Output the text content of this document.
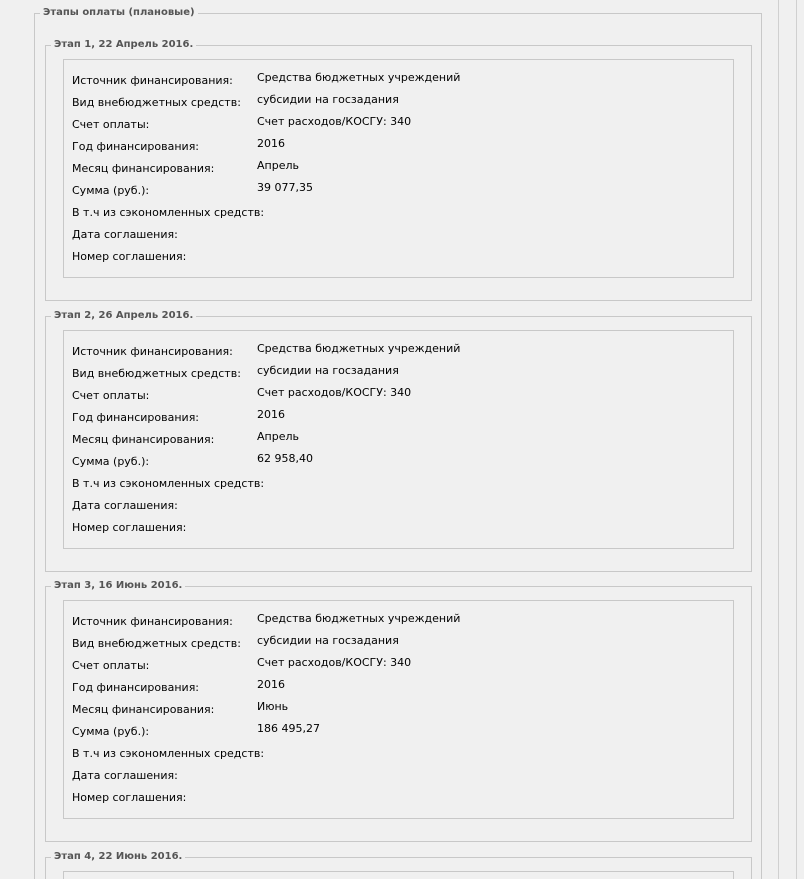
Этапы оплаты (плановые)
Этап 1, 22 Апрель 2016.
Источник финансирования: Средства бюджетных учреждений
Вид внебюджетных средств: субсидии на госзадания
Счет оплаты:	Счет расходов/КОСГУ: 340
Год финансирования:	2016
Месяц финансирования:	Апрель
Сумма (руб.):	39 077,35
В т.ч из сэкономленных средств:
Дата соглашения:
Номер соглашения:
Этап 2, 26 Апрель 2016.
Источник финансирования: Средства бюджетных учреждений
Вид внебюджетных средств: субсидии на госзадания
Счет оплаты:	Счет расходов/КОСГУ: 340
Год финансирования:	2016
Месяц финансирования:	Апрель
Сумма (руб.):	62 958,40
В т.ч из сэкономленных средств:
Дата соглашения:
Номер соглашения:
Этап 3, 16 Июнь 2016.
Источник финансирования: Средства бюджетных учреждений
Вид внебюджетных средств: субсидии на госзадания
Счет оплаты:	Счет расходов/КОСГУ: 340
Год финансирования:	2016
Месяц финансирования:	Июнь
Сумма (руб.):	186 495,27
В т.ч из сэкономленных средств:
Дата соглашения:
Номер соглашения:
Этап 4, 22 Июнь 2016.
